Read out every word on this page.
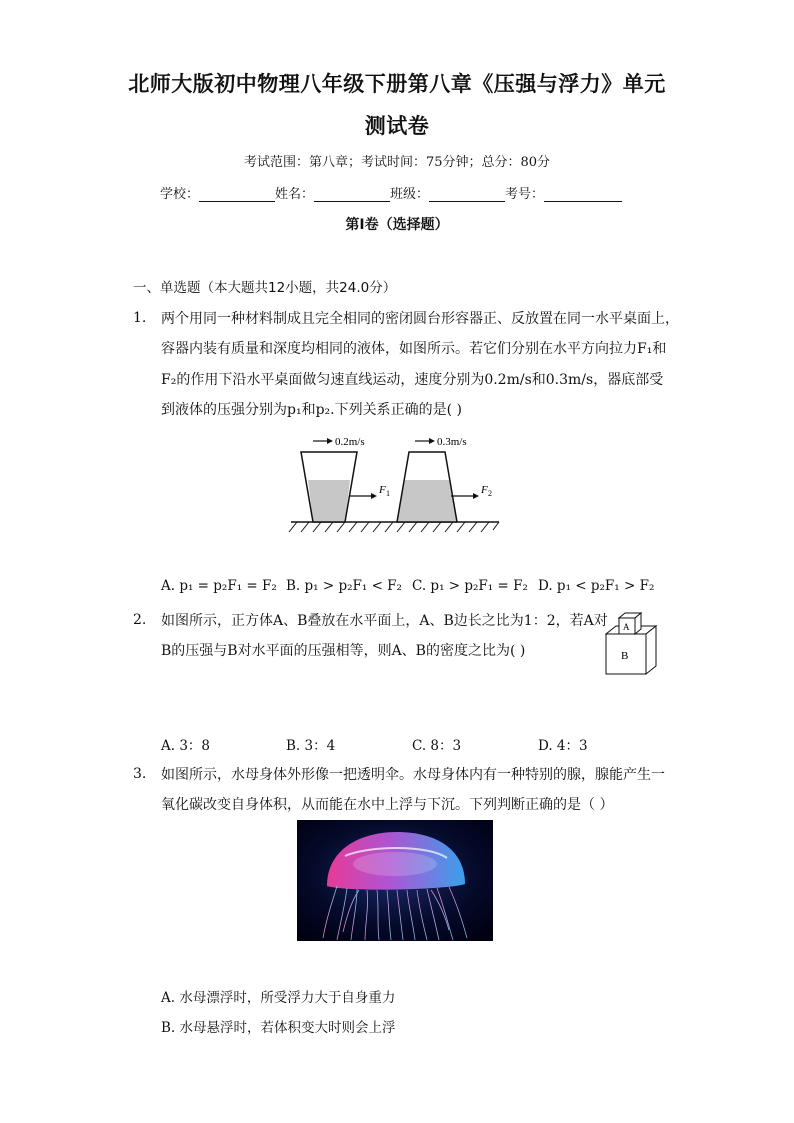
北师大版初中物理八年级下册第八章《压强与浮力》单元
测试卷
考试范围：第八章；考试时间：75分钟；总分：80分
学校：	姓名：	班级：	考号：
第I卷（选择题）
一、单选题（本大题共12小题，共24.0分）
1. 两个用同一种材料制成且完全相同的密闭圆台形容器正、反放置在同一水平桌面上，
容器内装有质量和深度均相同的液体，如图所示。若它们分别在水平方向拉力F₁和
F₂的作用下沿水平桌面做匀速直线运动，速度分别为0.2m/s和0.3m/s，器底部受
到液体的压强分别为p₁和p₂.下列关系正确的是( )
0.2m/s	0.3m/s
F 1	F 2
A. p₁ = p₂F₁ = F₂ B. p₁ > p₂F₁ < F₂ C. p₁ > p₂F₁ = F₂ D. p₁ < p₂F₁ > F₂
2. 如图所示，正方体A、B叠放在水平面上，A、B边长之比为1：2，若A对
B的压强与B对水平面的压强相等，则A、B的密度之比为( )	B
A
A. 3：8	B. 3：4	C. 8：3	D. 4：3
3. 如图所示，水母身体外形像一把透明伞。水母身体内有一种特别的腺，腺能产生一
氧化碳改变自身体积，从而能在水中上浮与下沉。下列判断正确的是（ ）
A. 水母漂浮时，所受浮力大于自身重力
B. 水母悬浮时，若体积变大时则会上浮
